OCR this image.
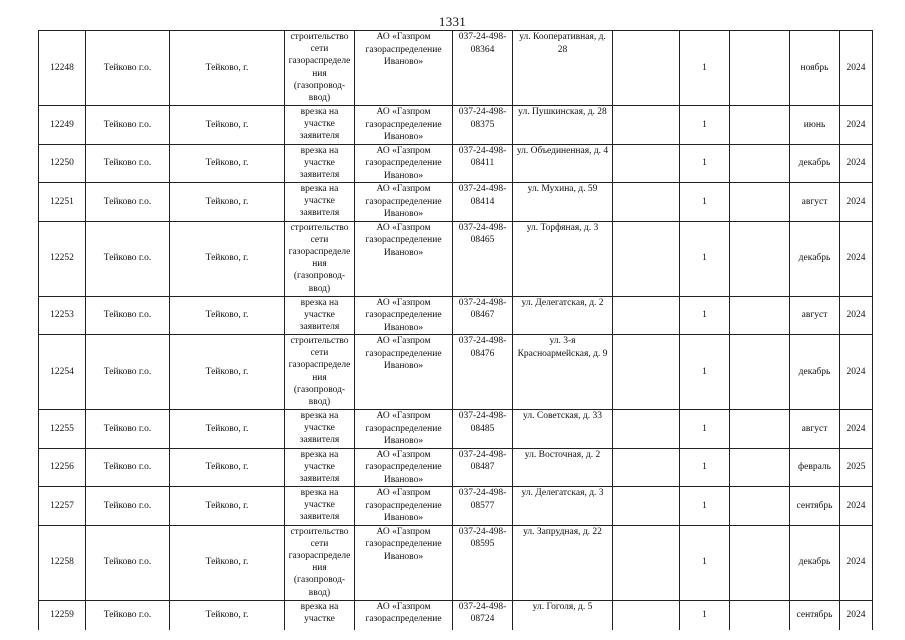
1331
12248	Тейково г.о.	Тейково, г.	строительство сети газораспределения (газопровод-ввод)	АО «Газпром газораспределение Иваново»	037-24-498-08364	ул. Кооперативная, д. 28		1		ноябрь	2024
12249	Тейково г.о.	Тейково, г.	врезка на участке заявителя	АО «Газпром газораспределение Иваново»	037-24-498-08375	ул. Пушкинская, д. 28		1		июнь	2024
12250	Тейково г.о.	Тейково, г.	врезка на участке заявителя	АО «Газпром газораспределение Иваново»	037-24-498-08411	ул. Объединенная, д. 4		1		декабрь	2024
12251	Тейково г.о.	Тейково, г.	врезка на участке заявителя	АО «Газпром газораспределение Иваново»	037-24-498-08414	ул. Мухина, д. 59		1		август	2024
12252	Тейково г.о.	Тейково, г.	строительство сети газораспределения (газопровод-ввод)	АО «Газпром газораспределение Иваново»	037-24-498-08465	ул. Торфяная, д. 3		1		декабрь	2024
12253	Тейково г.о.	Тейково, г.	врезка на участке заявителя	АО «Газпром газораспределение Иваново»	037-24-498-08467	ул. Делегатская, д. 2		1		август	2024
12254	Тейково г.о.	Тейково, г.	строительство сети газораспределения (газопровод-ввод)	АО «Газпром газораспределение Иваново»	037-24-498-08476	ул. 3-я Красноармейская, д. 9		1		декабрь	2024
12255	Тейково г.о.	Тейково, г.	врезка на участке заявителя	АО «Газпром газораспределение Иваново»	037-24-498-08485	ул. Советская, д. 33		1		август	2024
12256	Тейково г.о.	Тейково, г.	врезка на участке заявителя	АО «Газпром газораспределение Иваново»	037-24-498-08487	ул. Восточная, д. 2		1		февраль	2025
12257	Тейково г.о.	Тейково, г.	врезка на участке заявителя	АО «Газпром газораспределение Иваново»	037-24-498-08577	ул. Делегатская, д. 3		1		сентябрь	2024
12258	Тейково г.о.	Тейково, г.	строительство сети газораспределения (газопровод-ввод)	АО «Газпром газораспределение Иваново»	037-24-498-08595	ул. Запрудная, д. 22		1		декабрь	2024
12259	Тейково г.о.	Тейково, г.	врезка на участке	АО «Газпром газораспределение	037-24-498-08724	ул. Гоголя, д. 5		1		сентябрь	2024
